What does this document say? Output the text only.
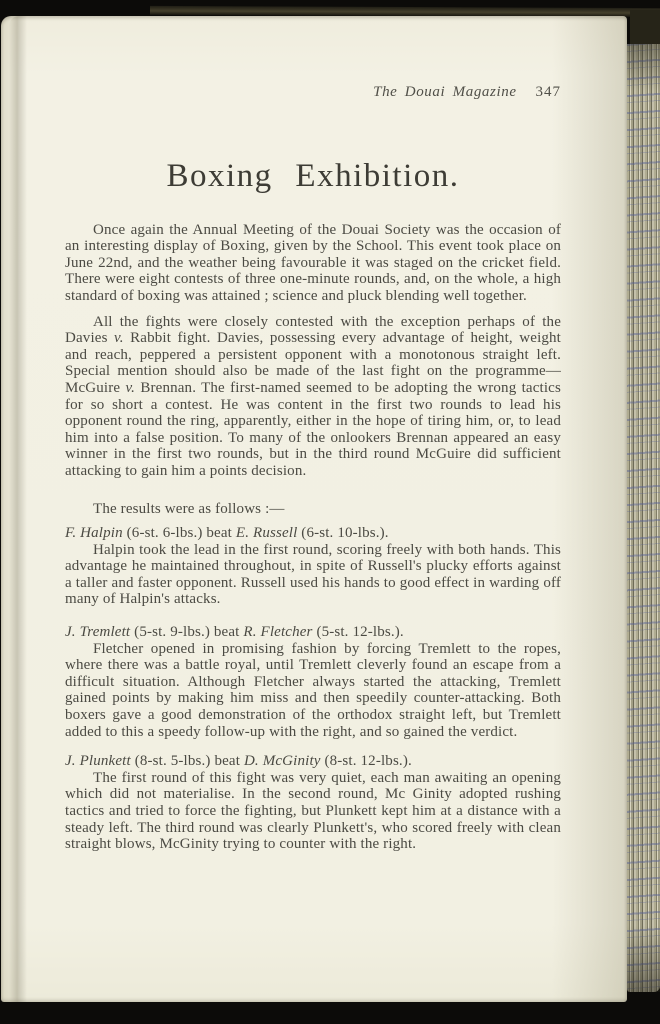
The Douai Magazine 347
Boxing Exhibition.

Once again the Annual Meeting of the Douai Society was the occasion of an interesting display of Boxing, given by the School. This event took place on June 22nd, and the weather being favourable it was staged on the cricket field. There were eight contests of three one-minute rounds, and, on the whole, a high standard of boxing was attained ; science and pluck blending well together.

All the fights were closely contested with the exception perhaps of the Davies v. Rabbit fight. Davies, possessing every advantage of height, weight and reach, peppered a persistent opponent with a monotonous straight left. Special mention should also be made of the last fight on the programme—McGuire v. Brennan. The first-named seemed to be adopting the wrong tactics for so short a contest. He was content in the first two rounds to lead his opponent round the ring, apparently, either in the hope of tiring him, or, to lead him into a false position. To many of the onlookers Brennan appeared an easy winner in the first two rounds, but in the third round McGuire did sufficient attacking to gain him a points decision.

The results were as follows :—

F. Halpin (6-st. 6-lbs.) beat E. Russell (6-st. 10-lbs.).

Halpin took the lead in the first round, scoring freely with both hands. This advantage he maintained throughout, in spite of Russell's plucky efforts against a taller and faster opponent. Russell used his hands to good effect in warding off many of Halpin's attacks.

J. Tremlett (5-st. 9-lbs.) beat R. Fletcher (5-st. 12-lbs.).

Fletcher opened in promising fashion by forcing Tremlett to the ropes, where there was a battle royal, until Tremlett cleverly found an escape from a difficult situation. Although Fletcher always started the attacking, Tremlett gained points by making him miss and then speedily counter-attacking. Both boxers gave a good demonstration of the orthodox straight left, but Tremlett added to this a speedy follow-up with the right, and so gained the verdict.

J. Plunkett (8-st. 5-lbs.) beat D. McGinity (8-st. 12-lbs.).

The first round of this fight was very quiet, each man awaiting an opening which did not materialise. In the second round, Mc Ginity adopted rushing tactics and tried to force the fighting, but Plunkett kept him at a distance with a steady left. The third round was clearly Plunkett's, who scored freely with clean straight blows, McGinity trying to counter with the right.
